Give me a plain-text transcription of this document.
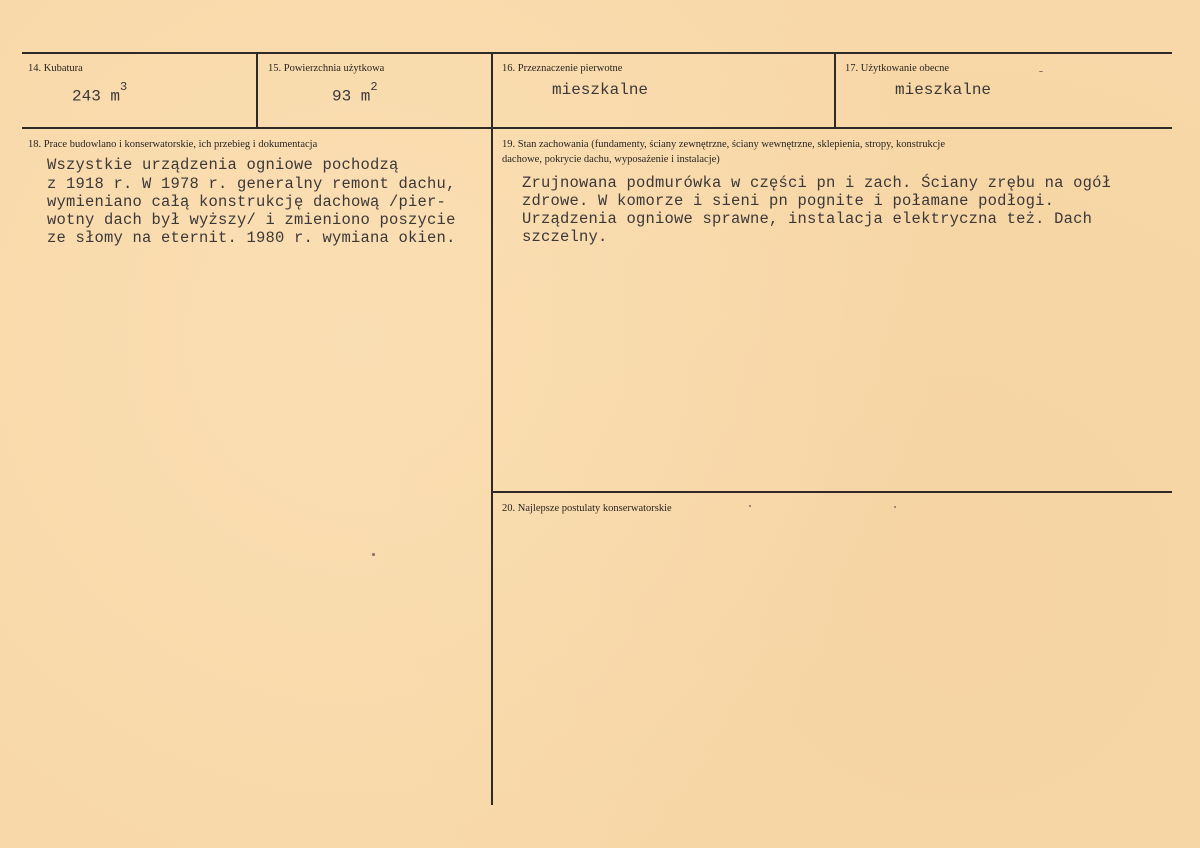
14. Kubatura
243 $m^3$
15. Powierzchnia użytkowa
93 $m^2$
16. Przeznaczenie pierwotne
mieszkalne
17. Użytkowanie obecne
mieszkalne
18. Prace budowlano i konserwatorskie, ich przebieg i dokumentacja
Wszystkie urządzenia ogniowe pochodzą
z 1918 r. W 1978 r. generalny remont dachu,
wymieniano całą konstrukcję dachową /pier-
wotny dach był wyższy/ i zmieniono poszycie
ze słomy na eternit. 1980 r. wymiana okien.
19. Stan zachowania (fundamenty, ściany zewnętrzne, ściany wewnętrzne, sklepienia, stropy, konstrukcje
dachowe, pokrycie dachu, wyposażenie i instalacje)
Zrujnowana podmurówka w części pn i zach. Ściany zrębu na ogół
zdrowe. W komorze i sieni pn pognite i połamane podłogi.
Urządzenia ogniowe sprawne, instalacja elektryczna też. Dach
szczelny.
20. Najlepsze postulaty konserwatorskie
